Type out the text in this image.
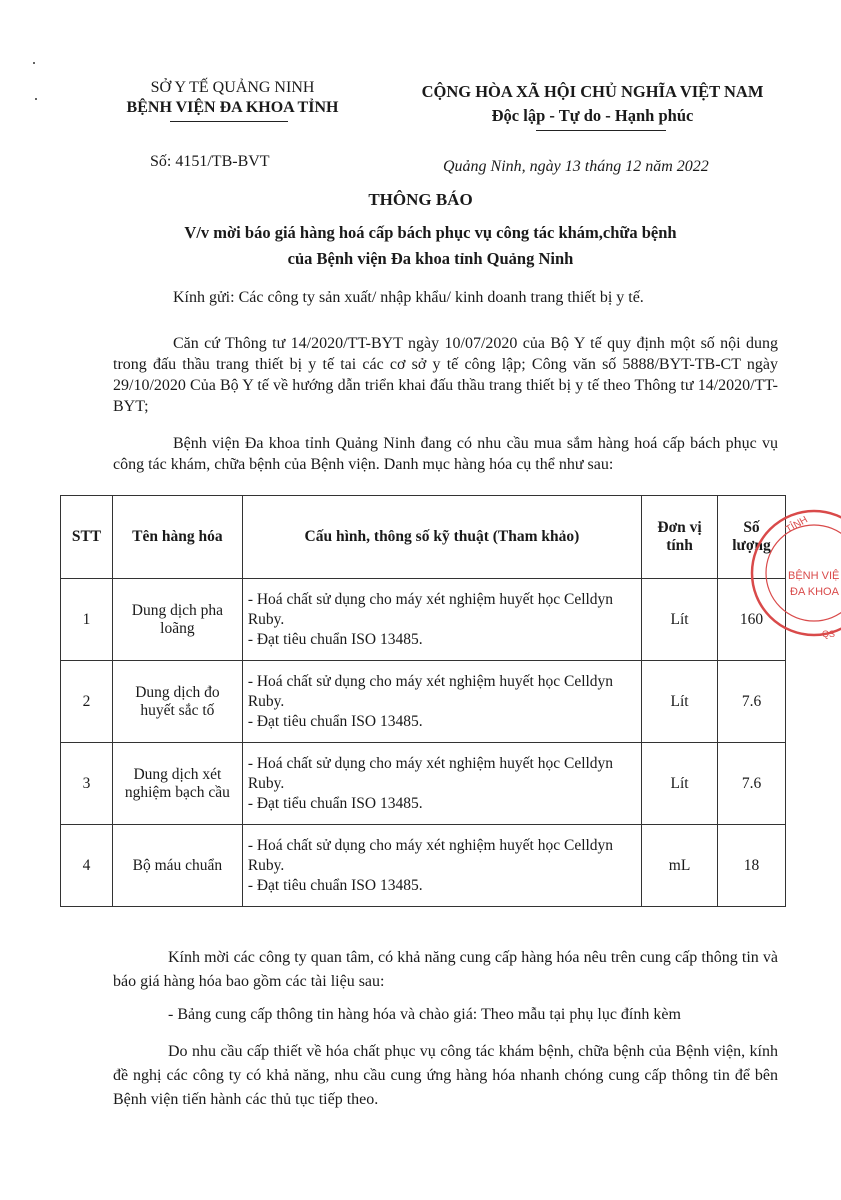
SỞ Y TẾ QUẢNG NINH
BỆNH VIỆN ĐA KHOA TỈNH
CỘNG HÒA XÃ HỘI CHỦ NGHĨA VIỆT NAM
Độc lập - Tự do - Hạnh phúc
Số: 4151/TB-BVT	Quảng Ninh, ngày 13 tháng 12 năm 2022
THÔNG BÁO
V/v mời báo giá hàng hoá cấp bách phục vụ công tác khám,chữa bệnh
của Bệnh viện Đa khoa tỉnh Quảng Ninh
Kính gửi: Các công ty sản xuất/ nhập khẩu/ kinh doanh trang thiết bị y tế.
Căn cứ Thông tư 14/2020/TT-BYT ngày 10/07/2020 của Bộ Y tế quy định một số nội dung trong đấu thầu trang thiết bị y tế tai các cơ sở y tế công lập; Công văn số 5888/BYT-TB-CT ngày 29/10/2020 Của Bộ Y tế về hướng dẫn triển khai đấu thầu trang thiết bị y tế theo Thông tư 14/2020/TT-BYT;
Bệnh viện Đa khoa tỉnh Quảng Ninh đang có nhu cầu mua sắm hàng hoá cấp bách phục vụ công tác khám, chữa bệnh của Bệnh viện. Danh mục hàng hóa cụ thể như sau:
STT	Tên hàng hóa	Cấu hình, thông số kỹ thuật (Tham khảo)	Đơn vị tính	Số lượng
1	Dung dịch pha loãng	- Hoá chất sử dụng cho máy xét nghiệm huyết học Celldyn Ruby.
- Đạt tiêu chuẩn ISO 13485.	Lít	160
2	Dung dịch đo huyết sắc tố	- Hoá chất sử dụng cho máy xét nghiệm huyết học Celldyn Ruby.
- Đạt tiêu chuẩn ISO 13485.	Lít	7.6
3	Dung dịch xét nghiệm bạch cầu	- Hoá chất sử dụng cho máy xét nghiệm huyết học Celldyn Ruby.
- Đạt tiểu chuẩn ISO 13485.	Lít	7.6
4	Bộ máu chuẩn	- Hoá chất sử dụng cho máy xét nghiệm huyết học Celldyn Ruby.
- Đạt tiêu chuẩn ISO 13485.	mL	18
TỈNH
BỆNH VIỆ
ĐA KHOA
QS
Kính mời các công ty quan tâm, có khả năng cung cấp hàng hóa nêu trên cung cấp thông tin và báo giá hàng hóa bao gồm các tài liệu sau:
- Bảng cung cấp thông tin hàng hóa và chào giá: Theo mẫu tại phụ lục đính kèm
Do nhu cầu cấp thiết về hóa chất phục vụ công tác khám bệnh, chữa bệnh của Bệnh viện, kính đề nghị các công ty có khả năng, nhu cầu cung ứng hàng hóa nhanh chóng cung cấp thông tin để bên Bệnh viện tiến hành các thủ tục tiếp theo.
